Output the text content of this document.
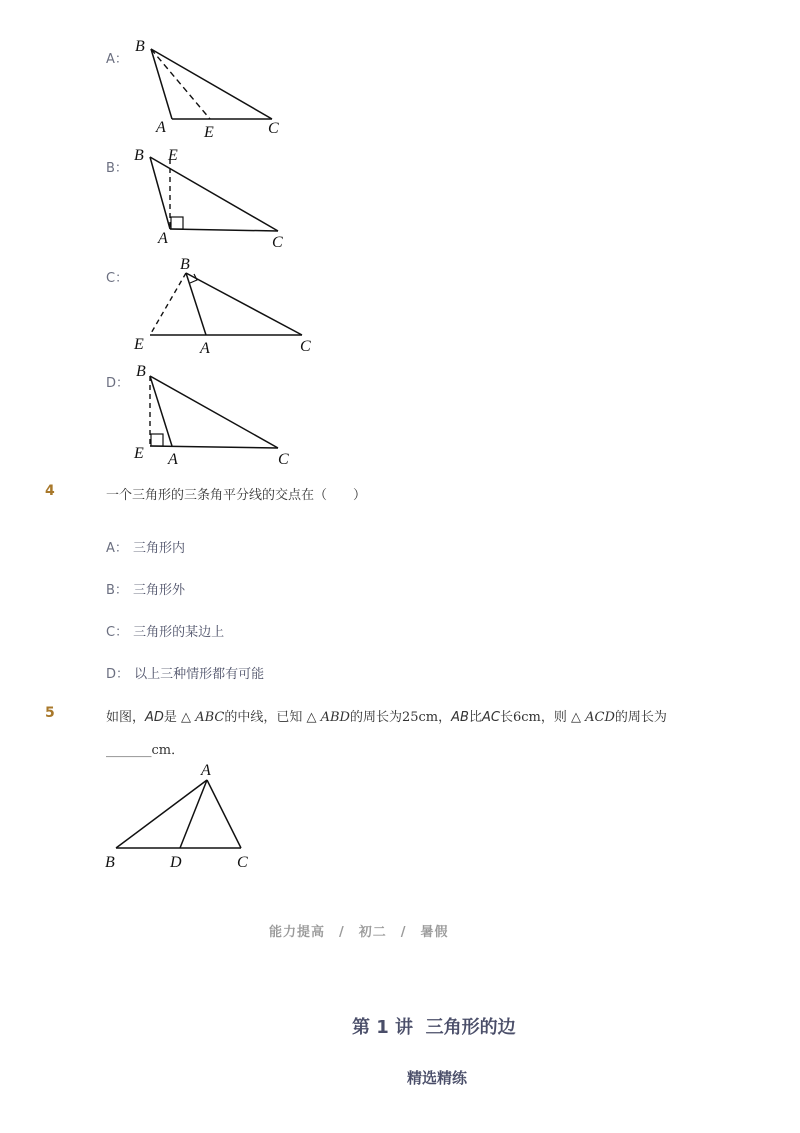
A：
B：
C：
D：
B
A E	C
B E
A	C
B
E	A	C
B
E A	C
4	一个三角形的三条角平分线的交点在（　　）
A： 三角形内
B： 三角形外
C： 三角形的某边上
D： 以上三种情形都有可能
5	如图，AD是 △ ABC的中线，已知 △ ABD的周长为25cm，AB比AC长6cm，则 △ ACD的周长为
_______cm．
A
B	D	C
能力提高　/　初二　/　暑假
第 1 讲  三角形的边
精选精练
